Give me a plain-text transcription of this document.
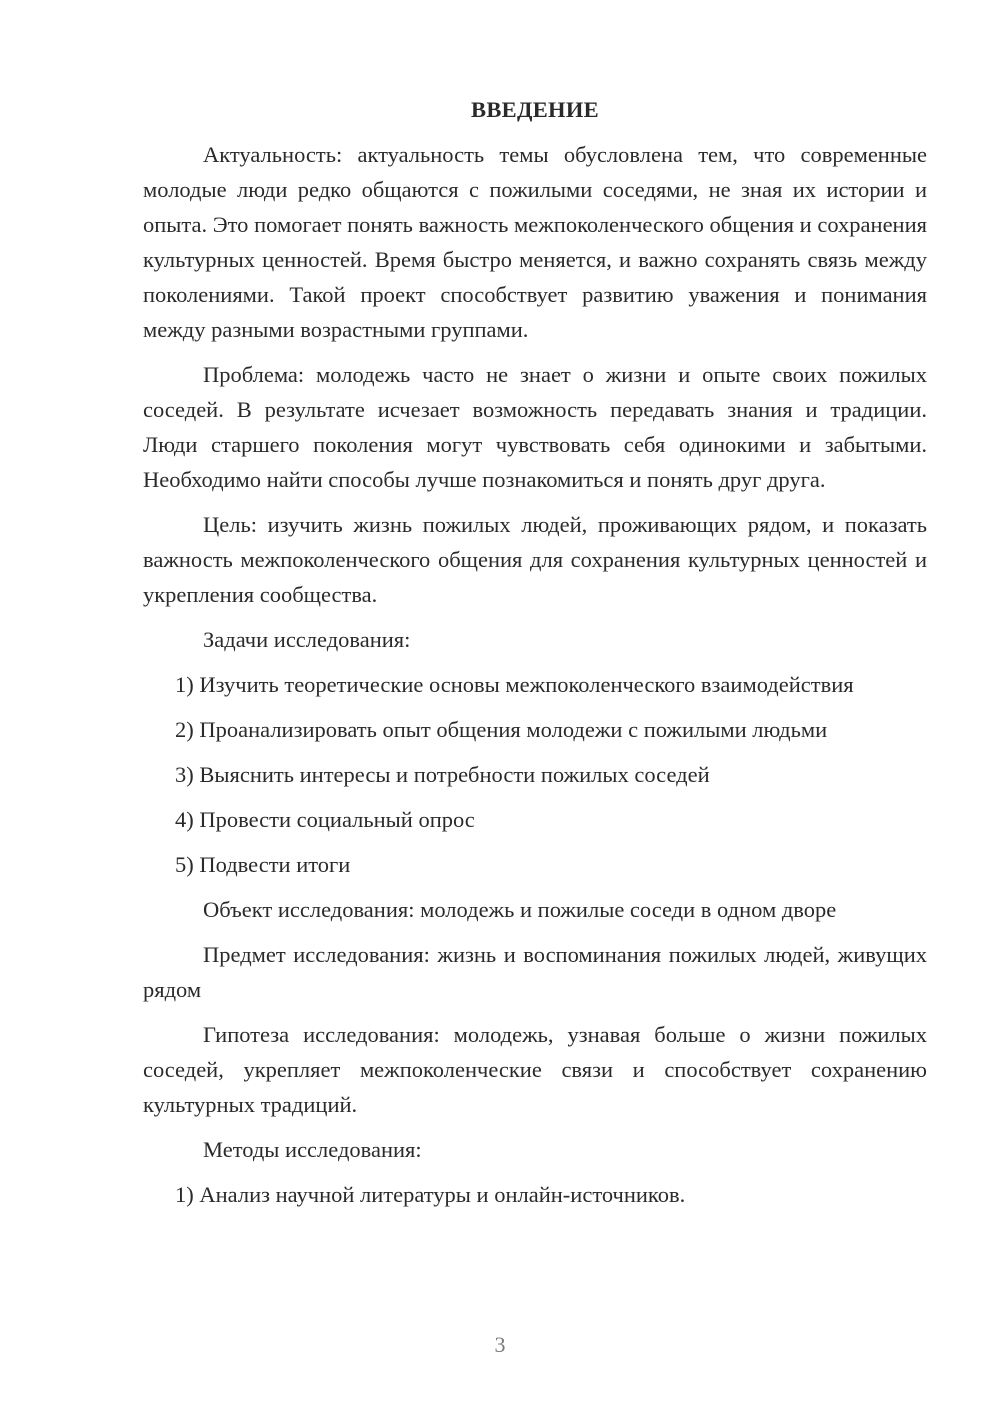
ВВЕДЕНИЕ

Актуальность: актуальность темы обусловлена тем, что современные молодые люди редко общаются с пожилыми соседями, не зная их истории и опыта. Это помогает понять важность межпоколенческого общения и сохранения культурных ценностей. Время быстро меняется, и важно сохранять связь между поколениями. Такой проект способствует развитию уважения и понимания между разными возрастными группами.

Проблема: молодежь часто не знает о жизни и опыте своих пожилых соседей. В результате исчезает возможность передавать знания и традиции. Люди старшего поколения могут чувствовать себя одинокими и забытыми. Необходимо найти способы лучше познакомиться и понять друг друга.

Цель: изучить жизнь пожилых людей, проживающих рядом, и показать важность межпоколенческого общения для сохранения культурных ценностей и укрепления сообщества.

Задачи исследования:

1) Изучить теоретические основы межпоколенческого взаимодействия

2) Проанализировать опыт общения молодежи с пожилыми людьми

3) Выяснить интересы и потребности пожилых соседей

4) Провести социальный опрос

5) Подвести итоги

Объект исследования: молодежь и пожилые соседи в одном дворе

Предмет исследования: жизнь и воспоминания пожилых людей, живущих рядом

Гипотеза исследования: молодежь, узнавая больше о жизни пожилых соседей, укрепляет межпоколенческие связи и способствует сохранению культурных традиций.

Методы исследования:

1) Анализ научной литературы и онлайн-источников.

3
